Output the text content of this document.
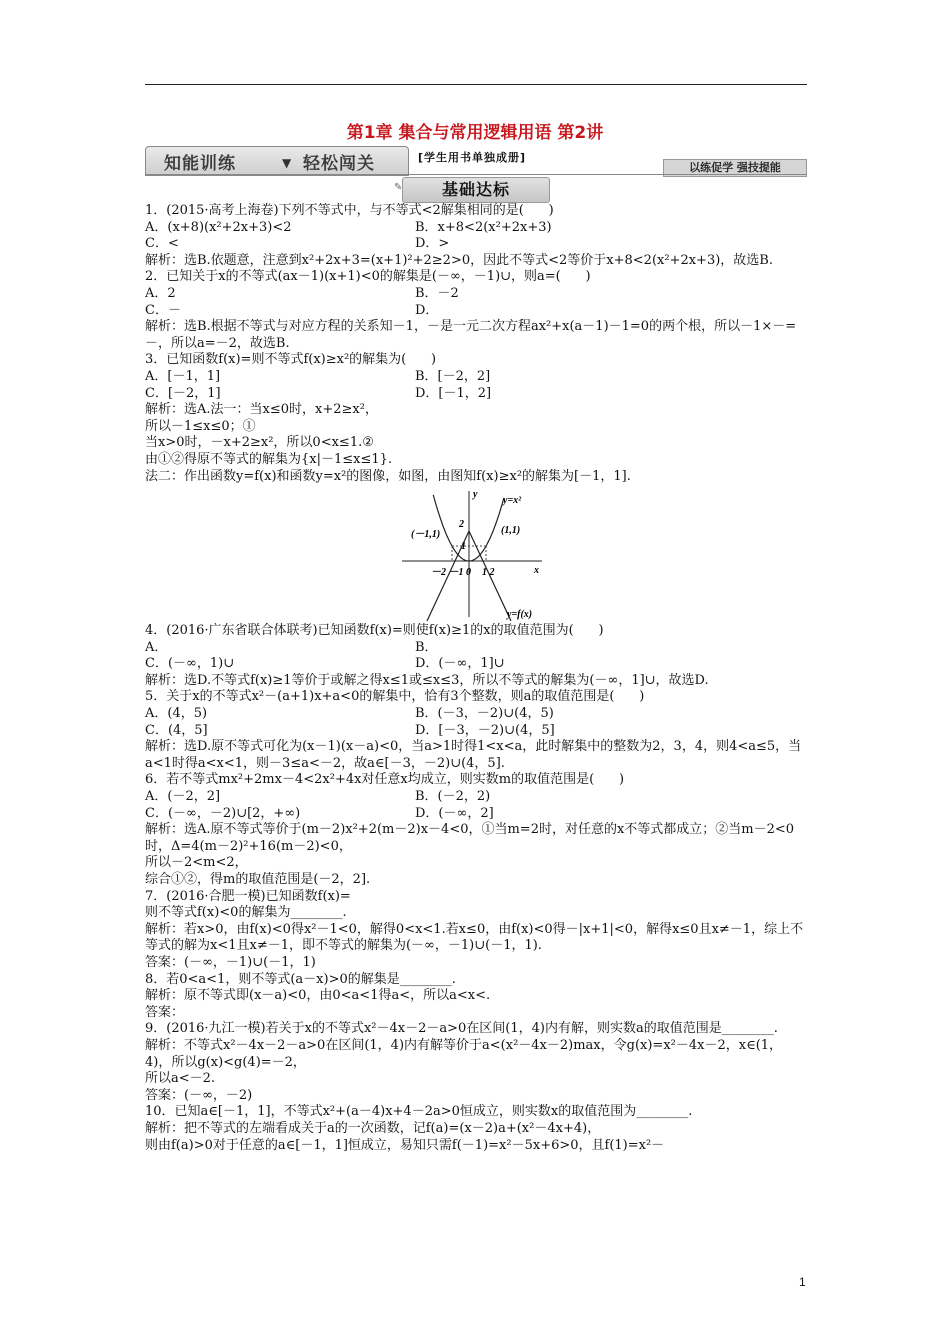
第1章 集合与常用逻辑用语 第2讲
知能训练	▼ 轻松闯关	[学生用书单独成册]
以练促学 强技提能
✎	基础达标

1．(2015·高考上海卷)下列不等式中，与不等式<2解集相同的是(      )

A．(x+8)(x²+2x+3)<2	B．x+8<2(x²+2x+3)
C．<	D．>

解析：选B.依题意，注意到x²+2x+3=(x+1)²+2≥2>0，因此不等式<2等价于x+8<2(x²+2x+3)，故选B.

2．已知关于x的不等式(ax－1)(x+1)<0的解集是(－∞，－1)∪，则a=(      )

A．2	B．－2
C．－	D．

解析：选B.根据不等式与对应方程的关系知－1，－是一元二次方程ax²+x(a－1)－1=0的两个根，所以－1×－=－，所以a=－2，故选B.

3．已知函数f(x)=则不等式f(x)≥x²的解集为(      )

A．[－1，1]	B．[－2，2]
C．[－2，1]	D．[－1，2]

解析：选A.法一：当x≤0时，x+2≥x²，

所以－1≤x≤0；①

当x>0时，－x+2≥x²，所以0<x≤1.②

由①②得原不等式的解集为{x|－1≤x≤1}.

法二：作出函数y=f(x)和函数y=x²的图像，如图，由图知f(x)≥x²的解集为[－1，1].

y
x
y=x²
y=f(x)
(－1,1)	(1,1)
2
1
－2 －1 0 1 2

4．(2016·广东省联合体联考)已知函数f(x)=则使f(x)≥1的x的取值范围为(      )

A．	B．
C．(－∞，1)∪	D．(－∞，1]∪

解析：选D.不等式f(x)≥1等价于或解之得x≤1或≤x≤3，所以不等式的解集为(－∞，1]∪，故选D.

5．关于x的不等式x²－(a+1)x+a<0的解集中，恰有3个整数，则a的取值范围是(      )

A．(4，5)	B．(－3，－2)∪(4，5)
C．(4，5]	D．[－3，－2)∪(4，5]

解析：选D.原不等式可化为(x－1)(x－a)<0，当a>1时得1<x<a，此时解集中的整数为2，3，4，则4<a≤5，当a<1时得a<x<1，则－3≤a<－2，故a∈[－3，－2)∪(4，5].

6．若不等式mx²+2mx－4<2x²+4x对任意x均成立，则实数m的取值范围是(      )

A．(－2，2]	B．(－2，2)
C．(－∞，－2)∪[2，+∞)	D．(－∞，2]

解析：选A.原不等式等价于(m－2)x²+2(m－2)x－4<0，①当m=2时，对任意的x不等式都成立；②当m－2<0时，Δ=4(m－2)²+16(m－2)<0，

所以－2<m<2，

综合①②，得m的取值范围是(－2，2].

7．(2016·合肥一模)已知函数f(x)=

则不等式f(x)<0的解集为________.

解析：若x>0，由f(x)<0得x²－1<0，解得0<x<1.若x≤0，由f(x)<0得－|x+1|<0，解得x≤0且x≠－1，综上不等式的解为x<1且x≠－1，即不等式的解集为(－∞，－1)∪(－1，1).

答案：(－∞，－1)∪(－1，1)

8．若0<a<1，则不等式(a－x)>0的解集是________.

解析：原不等式即(x－a)<0，由0<a<1得a<，所以a<x<.

答案：

9．(2016·九江一模)若关于x的不等式x²－4x－2－a>0在区间(1，4)内有解，则实数a的取值范围是________.

解析：不等式x²－4x－2－a>0在区间(1，4)内有解等价于a<(x²－4x－2)max，令g(x)=x²－4x－2，x∈(1，4)，所以g(x)<g(4)=－2，

所以a<－2.

答案：(－∞，－2)

10．已知a∈[－1，1]，不等式x²+(a－4)x+4－2a>0恒成立，则实数x的取值范围为________.

解析：把不等式的左端看成关于a的一次函数，记f(a)=(x－2)a+(x²－4x+4)，

则由f(a)>0对于任意的a∈[－1，1]恒成立，易知只需f(－1)=x²－5x+6>0，且f(1)=x²－

1
